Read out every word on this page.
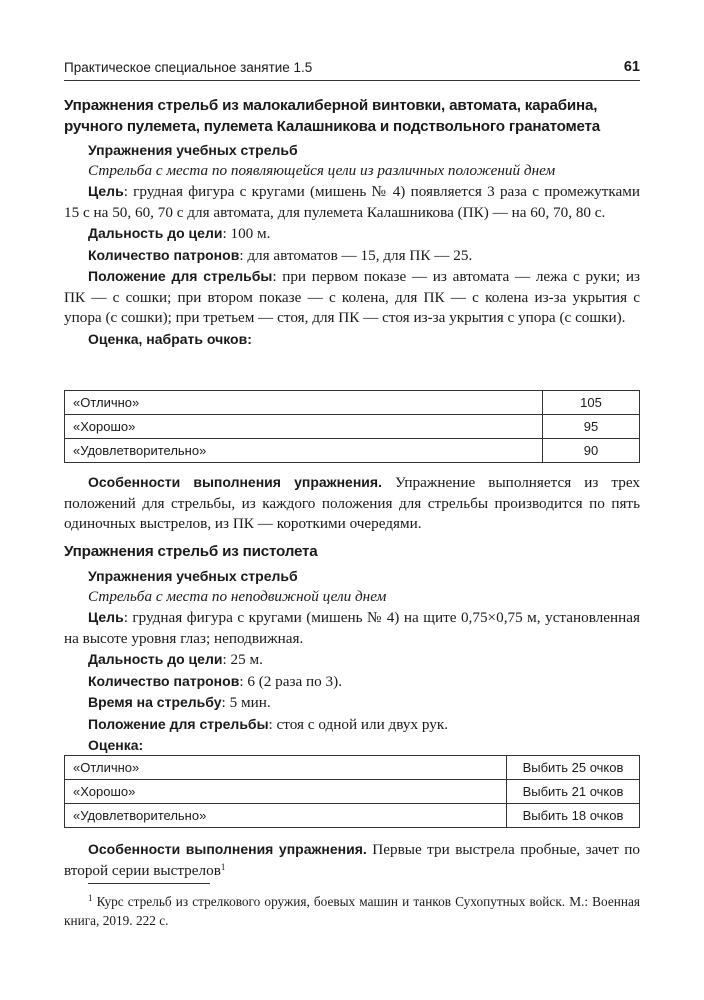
Практическое специальное занятие 1.5	61
Упражнения стрельб из малокалиберной винтовки, автомата, карабина,
ручного пулемета, пулемета Калашникова и подствольного гранатомета

Упражнения учебных стрельб

Стрельба с места по появляющейся цели из различных положений днем

Цель: грудная фигура с кругами (мишень № 4) появляется 3 раза с промежутками 15 с на 50, 60, 70 с для автомата, для пулемета Калашникова (ПК) — на 60, 70, 80 с.

Дальность до цели: 100 м.

Количество патронов: для автоматов — 15, для ПК — 25.

Положение для стрельбы: при первом показе — из автомата — лежа с руки; из ПК — с сошки; при втором показе — с колена, для ПК — с колена из-за укрытия с упора (с сошки); при третьем — стоя, для ПК — стоя из-за укрытия с упора (с сошки).

Оценка, набрать очков:

«Отлично»	105
«Хорошо»	95
«Удовлетворительно»	90

Особенности выполнения упражнения. Упражнение выполняется из трех положений для стрельбы, из каждого положения для стрельбы производится по пять одиночных выстрелов, из ПК — короткими очередями.

Упражнения стрельб из пистолета

Упражнения учебных стрельб

Стрельба с места по неподвижной цели днем

Цель: грудная фигура с кругами (мишень № 4) на щите 0,75×0,75 м, установленная на высоте уровня глаз; неподвижная.

Дальность до цели: 25 м.

Количество патронов: 6 (2 раза по 3).

Время на стрельбу: 5 мин.

Положение для стрельбы: стоя с одной или двух рук.

Оценка:

«Отлично»	Выбить 25 очков
«Хорошо»	Выбить 21 очков
«Удовлетворительно»	Выбить 18 очков

Особенности выполнения упражнения. Первые три выстрела пробные, зачет по второй серии выстрелов$^1$

$^1$ Курс стрельб из стрелкового оружия, боевых машин и танков Сухопутных войск. М.: Военная книга, 2019. 222 с.
